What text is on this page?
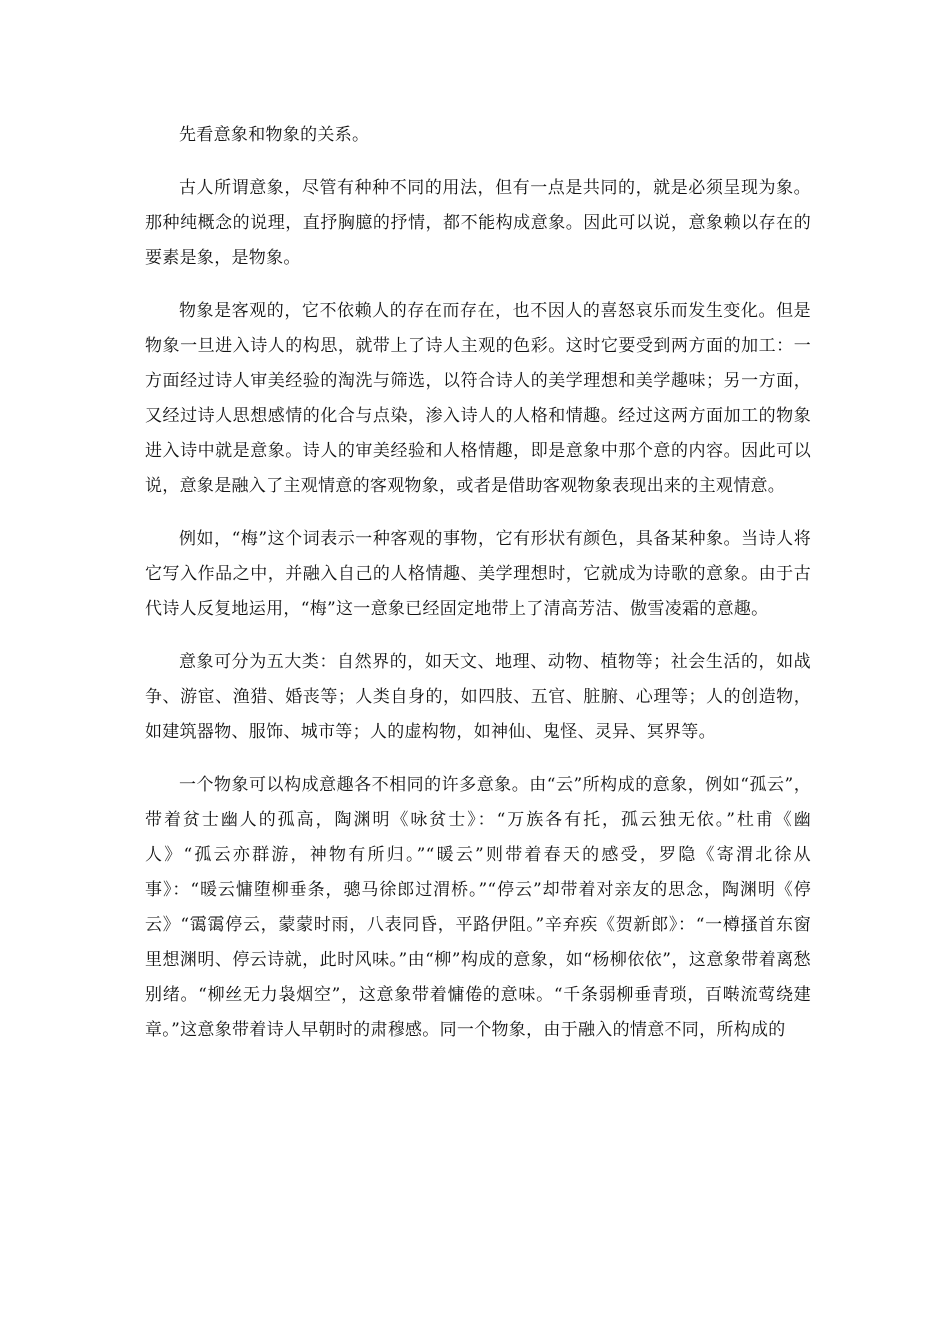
先看意象和物象的关系。

古人所谓意象，尽管有种种不同的用法，但有一点是共同的，就是必须呈现为象。那种纯概念的说理，直抒胸臆的抒情，都不能构成意象。因此可以说，意象赖以存在的要素是象，是物象。

物象是客观的，它不依赖人的存在而存在，也不因人的喜怒哀乐而发生变化。但是物象一旦进入诗人的构思，就带上了诗人主观的色彩。这时它要受到两方面的加工：一方面经过诗人审美经验的淘洗与筛选，以符合诗人的美学理想和美学趣味；另一方面，又经过诗人思想感情的化合与点染，渗入诗人的人格和情趣。经过这两方面加工的物象进入诗中就是意象。诗人的审美经验和人格情趣，即是意象中那个意的内容。因此可以说，意象是融入了主观情意的客观物象，或者是借助客观物象表现出来的主观情意。

例如，“梅”这个词表示一种客观的事物，它有形状有颜色，具备某种象。当诗人将它写入作品之中，并融入自己的人格情趣、美学理想时，它就成为诗歌的意象。由于古代诗人反复地运用，“梅”这一意象已经固定地带上了清高芳洁、傲雪凌霜的意趣。

意象可分为五大类：自然界的，如天文、地理、动物、植物等；社会生活的，如战争、游宦、渔猎、婚丧等；人类自身的，如四肢、五官、脏腑、心理等；人的创造物，如建筑器物、服饰、城市等；人的虚构物，如神仙、鬼怪、灵异、冥界等。

一个物象可以构成意趣各不相同的许多意象。由“云”所构成的意象，例如“孤云”，带着贫士幽人的孤高，陶渊明《咏贫士》：“万族各有托，孤云独无依。”杜甫《幽人》“孤云亦群游，神物有所归。”“暖云”则带着春天的感受，罗隐《寄渭北徐从事》：“暖云慵堕柳垂条，骢马徐郎过渭桥。”“停云”却带着对亲友的思念，陶渊明《停云》“霭霭停云，蒙蒙时雨，八表同昏，平路伊阻。”辛弃疾《贺新郎》：“一樽搔首东窗里想渊明、停云诗就，此时风味。”由“柳”构成的意象，如“杨柳依依”，这意象带着离愁别绪。“柳丝无力袅烟空”，这意象带着慵倦的意味。“千条弱柳垂青琐，百啭流莺绕建章。”这意象带着诗人早朝时的肃穆感。同一个物象，由于融入的情意不同，所构成的
